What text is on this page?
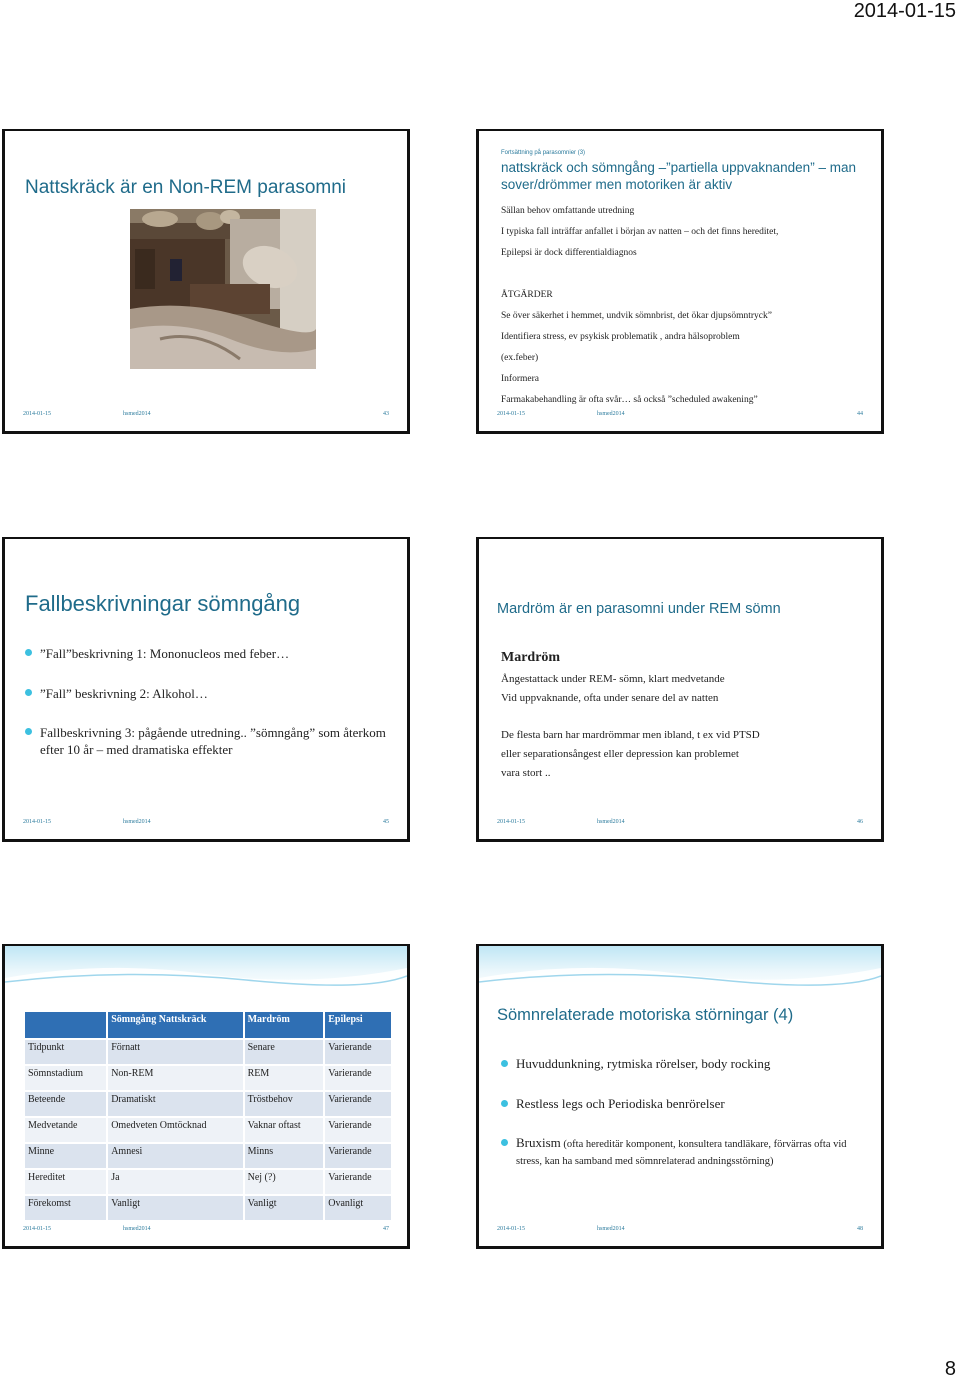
2014-01-15
Nattskräck är en Non-REM parasomni
2014-01-15	hsmed2014	43
Fortsättning på parasomnier (3)
nattskräck och sömngång –”partiella uppvaknanden” – man sover/drömmer men motoriken är aktiv
Sällan behov omfattande utredning
I typiska fall inträffar anfallet i början av natten – och det finns hereditet,
Epilepsi är dock differentialdiagnos
ÅTGÄRDER
Se över säkerhet i hemmet, undvik sömnbrist, det ökar djupsömntryck”
Identifiera stress, ev psykisk problematik , andra hälsoproblem
(ex.feber)
Informera
Farmakabehandling är ofta svår… så också ”scheduled awakening”
2014-01-15	hsmed2014	44
Fallbeskrivningar sömngång
”Fall”beskrivning 1: Mononucleos med feber…
”Fall” beskrivning 2: Alkohol…
Fallbeskrivning 3: pågående utredning.. ”sömngång” som återkom efter 10 år – med dramatiska effekter
2014-01-15	hsmed2014	45
Mardröm är en parasomni under REM sömn
Mardröm
Ångestattack under REM- sömn, klart medvetande
Vid uppvaknande, ofta under senare del av natten
De flesta barn har mardrömmar men ibland, t ex vid PTSD
eller separationsångest eller depression kan problemet
vara stort ..
2014-01-15	hsmed2014	46
	Sömngång Nattskräck	Mardröm	Epilepsi
Tidpunkt	Förnatt	Senare	Varierande
Sömnstadium	Non-REM	REM	Varierande
Beteende	Dramatiskt	Tröstbehov	Varierande
Medvetande	Omedveten Omtöcknad	Vaknar oftast	Varierande
Minne	Amnesi	Minns	Varierande
Hereditet	Ja	Nej (?)	Varierande
Förekomst	Vanligt	Vanligt	Ovanligt
2014-01-15	hsmed2014	47
Sömnrelaterade motoriska störningar (4)
Huvuddunkning, rytmiska rörelser, body rocking
Restless legs och Periodiska benrörelser
Bruxism (ofta hereditär komponent, konsultera tandläkare, förvärras ofta vid stress, kan ha samband med sömnrelaterad andningsstörning)
2014-01-15	hsmed2014	48
8
